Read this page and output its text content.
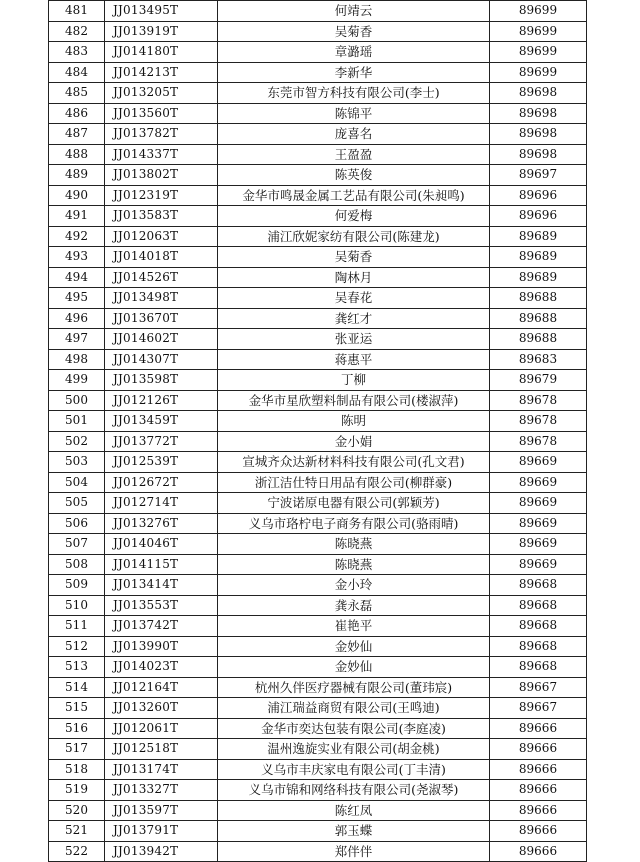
481	JJ013495T	何靖云	89699
482	JJ013919T	吴菊香	89699
483	JJ014180T	章潞瑶	89699
484	JJ014213T	李新华	89699
485	JJ013205T	东莞市智方科技有限公司(李士)	89698
486	JJ013560T	陈锦平	89698
487	JJ013782T	庞喜名	89698
488	JJ014337T	王盈盈	89698
489	JJ013802T	陈英俊	89697
490	JJ012319T	金华市鸣晟金属工艺品有限公司(朱昶鸣)	89696
491	JJ013583T	何爱梅	89696
492	JJ012063T	浦江欣妮家纺有限公司(陈建龙)	89689
493	JJ014018T	吴菊香	89689
494	JJ014526T	陶林月	89689
495	JJ013498T	吴春花	89688
496	JJ013670T	龚红才	89688
497	JJ014602T	张亚运	89688
498	JJ014307T	蒋惠平	89683
499	JJ013598T	丁柳	89679
500	JJ012126T	金华市星欣塑料制品有限公司(楼淑萍)	89678
501	JJ013459T	陈明	89678
502	JJ013772T	金小娟	89678
503	JJ012539T	宣城齐众达新材料科技有限公司(孔文君)	89669
504	JJ012672T	浙江洁仕特日用品有限公司(柳群豪)	89669
505	JJ012714T	宁波诺原电器有限公司(郭颖芳)	89669
506	JJ013276T	义乌市珞柠电子商务有限公司(骆雨晴)	89669
507	JJ014046T	陈晓燕	89669
508	JJ014115T	陈晓燕	89669
509	JJ013414T	金小玲	89668
510	JJ013553T	龚永磊	89668
511	JJ013742T	崔艳平	89668
512	JJ013990T	金妙仙	89668
513	JJ014023T	金妙仙	89668
514	JJ012164T	杭州久伴医疗器械有限公司(董玮宸)	89667
515	JJ013260T	浦江瑞益商贸有限公司(王鸣迪)	89667
516	JJ012061T	金华市奕达包装有限公司(李庭凌)	89666
517	JJ012518T	温州逸旋实业有限公司(胡金桃)	89666
518	JJ013174T	义乌市丰庆家电有限公司(丁丰清)	89666
519	JJ013327T	义乌市锦和网络科技有限公司(尧淑琴)	89666
520	JJ013597T	陈红凤	89666
521	JJ013791T	郭玉蝶	89666
522	JJ013942T	郑伴伴	89666
